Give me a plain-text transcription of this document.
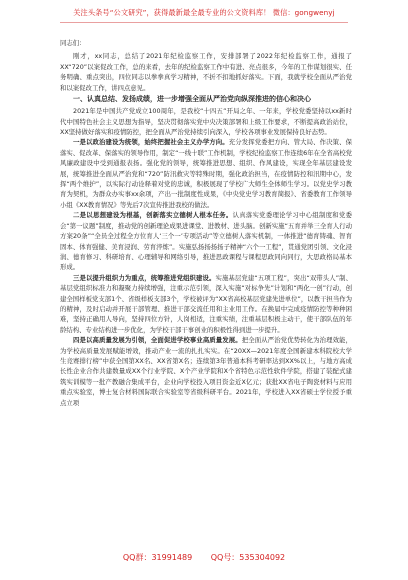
关注头条号“公文研究”，获得最新最全最专业的公文资料库！ 微信：gongwenyj

同志们：

刚才，xx同志，总结了2021年纪检监察工作，安排部署了2022年纪检监察工作，通报了XX“720”以案促改工作，总的来看，去年的纪检监察工作中有进、亮点很多，今年的工作谋划很实、任务明确、重点突出，四位同志以拳拳真学习精神，不折不扣地抓好落实。下面，我就学校全面从严治党和以案促改工作，讲四点意见。

一、认真总结、发扬成绩，进一步增强全面从严治党向纵深推进的信心和决心

2021年是中国共产党成立100周年，是我校“十四五”开局之年、一年来，学校党委坚持以xx新时代中国特色社会主义思想为指导，坚决贯彻落实党中央决策部署和上级工作要求，不断提高政治站位，XX坚持做好落实和疫情防控，把全面从严治党持续引向深入，学校各项事业发展保持良好态势。

一是以政治建设为统领，始终把握社会主义办学方向。充分发挥党委把方向、管大局、作决策、保落实、促改革、保落实的领导作用，制定“一线十联”工作机制，学校纪检监察工作连续6年在全省高校党风廉政建设中受到通报表扬。强化党的领导，统筹推进思想、组织、作风建设，实现全年基层建设发展，统筹推进全面从严治党和“720”防汛救灾等特殊时期，强化政治担当，在疫情防控和汛期中心，发挥“两个维护”，以实际行动诠释着对党的忠诚，积极展现了学校广大师生全体师生学习。以党史学习教育为契机，为群众办实事xx余项，产出一批制度性成果，《中央党史学习教育简报》、省委教育工作领导小组《XX教育情况》等先后7次宣传推进我校的做法。

二是以思想建设为根基，创新落实立德树人根本任务。认真落实党委理论学习中心组制度和党委会“第一议题”制度，推动党的创新理论成果进课堂、进教材、进头脑。创新实施“五育并举三全育人行动方案20条”“全员全过程全方位育人‘三个一’专项活动”等立德树人落实机制，一体推进“德育铸魂、智育固本、体育强健、美育浸润、劳育淬炼”。实施弘扬扬扬扬子精神“六个一工程”，贯通党团引领、文化浸润、德育修习、科研培育、心理辅导和网络引导，推进思政课程与课程思政同向同行，大思政格局基本形成。

三是以提升组织力为重点，统筹推进党组织建设。实施基层党建“五项工程”，突出“双带头人”制、基层党组织标准力和凝聚力持续增强，注重示范引领，深入实施“对标争先”计划和“两化一创”行动，创建全国样板党支部1个、省级样板支部3个，学校被评为“XX省高校基层党建先进单位”，以教干担当作为的精神，及时启动并开展干部管理、推进干部交流任用和主业用工作。在换届中完成疫情防控等种种困难，坚持正确用人导向，坚持四位方针，人岗相适，注重实绩，注重基层积极主动干，使干部队伍的年龄结构、专业结构进一步优化，为学校干部干事创业的积极性得到进一步提升。

四是以高质量发展为引领，全面促进学校事业高质量发展。把全面从严治党优势转化为治理效能，为学校高质量发展赋能增效，推动产业一流的扎扎实实。在“20XX—2021年度全国新建本科院校大学生竞赛排行榜”中获全国第XX名、XX省第X名；连续第3年普通本科考研率达到XX%以上，与地方高成长性企业合作共建数量成XX个行业学院、X个产业学院和X个省特色示范性软件学院，搭建了装配式建筑实训模等一批产教融合集成平台，企业向学校投入项目资金近X亿元；获批XX省电子陶瓷材料与应用重点实验室，博士复合材料国际联合实验室等省级科研平台。2021年，学校进入XX省硕士学位授予重点立项

QQ群：31991489 QQ号：535304092
